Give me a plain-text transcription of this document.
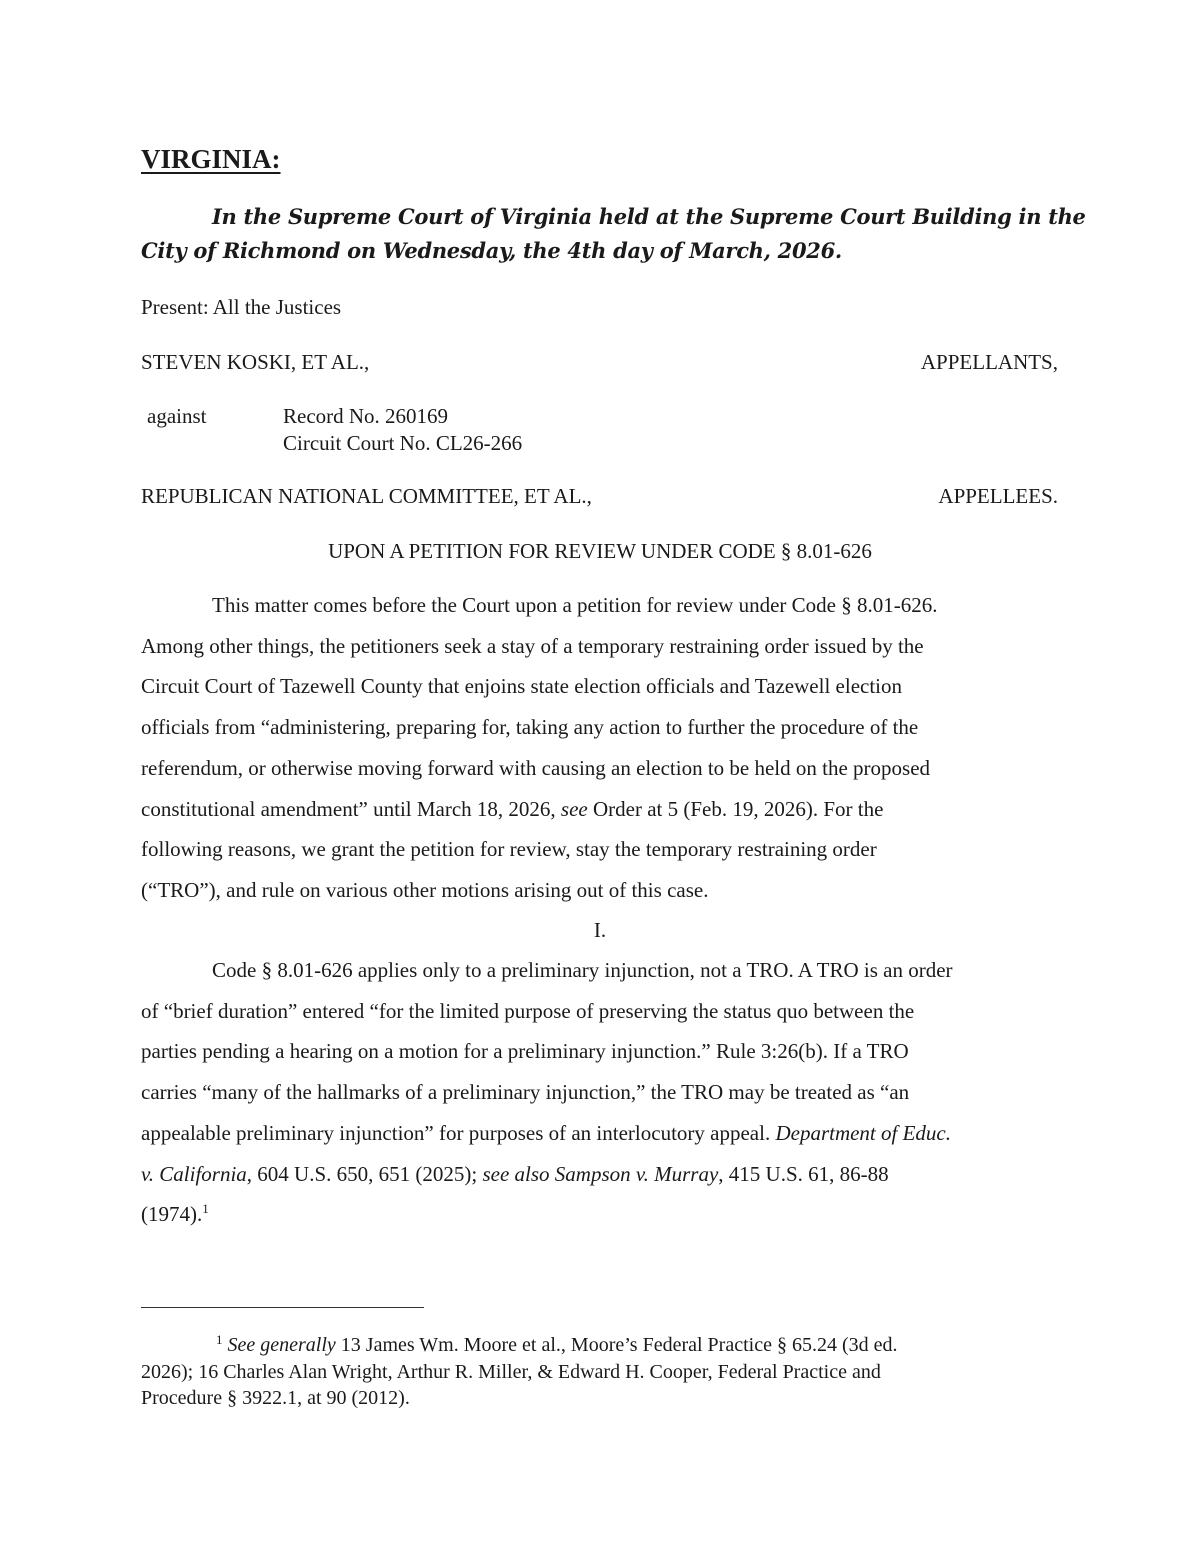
VIRGINIA:
In the Supreme Court of Virginia held at the Supreme Court Building in the
City of Richmond on Wednesday, the 4th day of March, 2026.
Present: All the Justices
STEVEN KOSKI, ET AL.,	APPELLANTS,
against	Record No. 260169
Circuit Court No. CL26-266
REPUBLICAN NATIONAL COMMITTEE, ET AL.,	APPELLEES.
UPON A PETITION FOR REVIEW UNDER CODE § 8.01-626
This matter comes before the Court upon a petition for review under Code § 8.01-626.
Among other things, the petitioners seek a stay of a temporary restraining order issued by the
Circuit Court of Tazewell County that enjoins state election officials and Tazewell election
officials from “administering, preparing for, taking any action to further the procedure of the
referendum, or otherwise moving forward with causing an election to be held on the proposed
constitutional amendment” until March 18, 2026, see Order at 5 (Feb. 19, 2026). For the
following reasons, we grant the petition for review, stay the temporary restraining order
(“TRO”), and rule on various other motions arising out of this case.
I.
Code § 8.01-626 applies only to a preliminary injunction, not a TRO. A TRO is an order
of “brief duration” entered “for the limited purpose of preserving the status quo between the
parties pending a hearing on a motion for a preliminary injunction.” Rule 3:26(b). If a TRO
carries “many of the hallmarks of a preliminary injunction,” the TRO may be treated as “an
appealable preliminary injunction” for purposes of an interlocutory appeal. Department of Educ.
v. California, 604 U.S. 650, 651 (2025); see also Sampson v. Murray, 415 U.S. 61, 86-88
(1974).$^1$
$^1$ See generally 13 James Wm. Moore et al., Moore’s Federal Practice § 65.24 (3d ed.
2026); 16 Charles Alan Wright, Arthur R. Miller, & Edward H. Cooper, Federal Practice and
Procedure § 3922.1, at 90 (2012).
